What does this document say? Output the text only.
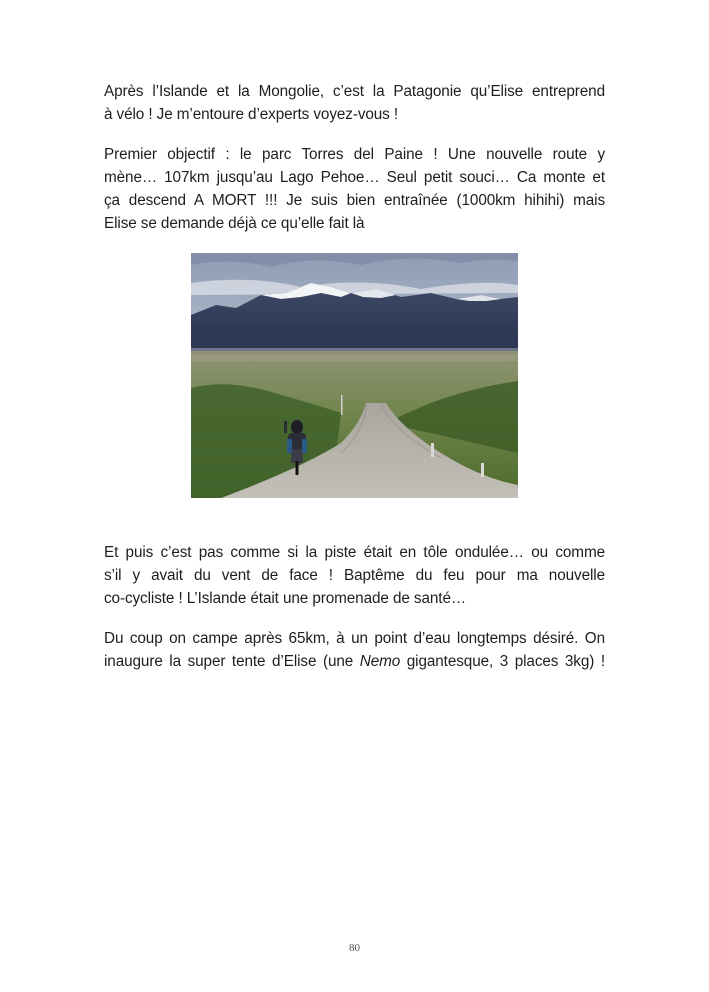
Après l’Islande et la Mongolie, c’est la Patagonie qu’Elise entreprend
à vélo ! Je m’entoure d’experts voyez-vous !

Premier objectif : le parc Torres del Paine ! Une nouvelle route y
mène… 107km jusqu’au Lago Pehoe… Seul petit souci… Ca monte et
ça descend A MORT !!! Je suis bien entraînée (1000km hihihi) mais
Elise se demande déjà ce qu’elle fait là

Et puis c’est pas comme si la piste était en tôle ondulée… ou comme
s’il y avait du vent de face ! Baptême du feu pour ma nouvelle
co-cycliste ! L’Islande était une promenade de santé…

Du coup on campe après 65km, à un point d’eau longtemps désiré. On
inaugure la super tente d’Elise (une Nemo gigantesque, 3 places 3kg) !

80
